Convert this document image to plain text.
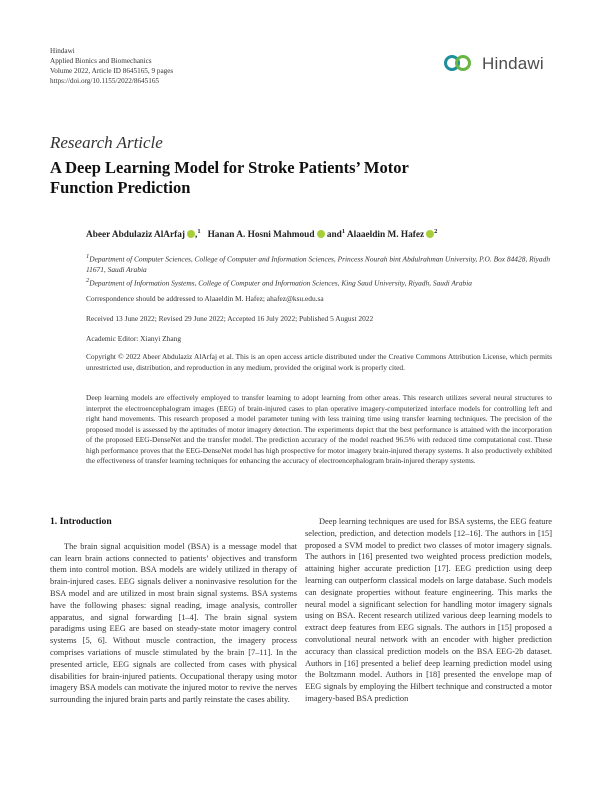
Hindawi
Applied Bionics and Biomechanics
Volume 2022, Article ID 8645165, 9 pages
https://doi.org/10.1155/2022/8645165
Hindawi
Research Article
A Deep Learning Model for Stroke Patients’ Motor Function Prediction
Abeer Abdulaziz AlArfaj ,$^1$ Hanan A. Hosni Mahmoud and$^1$ Alaaeldin M. Hafez $^2$
1Department of Computer Sciences, College of Computer and Information Sciences, Princess Nourah bint Abdulrahman University, P.O. Box 84428, Riyadh 11671, Saudi Arabia
2Department of Information Systems, College of Computer and Information Sciences, King Saud University, Riyadh, Saudi Arabia
Correspondence should be addressed to Alaaeldin M. Hafez; ahafez@ksu.edu.sa
Received 13 June 2022; Revised 29 June 2022; Accepted 16 July 2022; Published 5 August 2022
Academic Editor: Xianyi Zhang
Copyright © 2022 Abeer Abdulaziz AlArfaj et al. This is an open access article distributed under the Creative Commons Attribution License, which permits unrestricted use, distribution, and reproduction in any medium, provided the original work is properly cited.
Deep learning models are effectively employed to transfer learning to adopt learning from other areas. This research utilizes several neural structures to interpret the electroencephalogram images (EEG) of brain-injured cases to plan operative imagery-computerized interface models for controlling left and right hand movements. This research proposed a model parameter tuning with less training time using transfer learning techniques. The precision of the proposed model is assessed by the aptitudes of motor imagery detection. The experiments depict that the best performance is attained with the incorporation of the proposed EEG-DenseNet and the transfer model. The prediction accuracy of the model reached 96.5% with reduced time computational cost. These high performance proves that the EEG-DenseNet model has high prospective for motor imagery brain-injured therapy systems. It also productively exhibited the effectiveness of transfer learning techniques for enhancing the accuracy of electroencephalogram brain-injured therapy systems.
1. Introduction

The brain signal acquisition model (BSA) is a message model that can learn brain actions connected to patients’ objectives and transform them into control motion. BSA models are widely utilized in therapy of brain-injured cases. EEG signals deliver a noninvasive resolution for the BSA model and are utilized in most brain signal systems. BSA systems have the following phases: signal reading, image analysis, controller apparatus, and signal forwarding [1–4]. The brain signal system paradigms using EEG are based on steady-state motor imagery control systems [5, 6]. Without muscle contraction, the imagery process comprises variations of muscle stimulated by the brain [7–11]. In the presented article, EEG signals are collected from cases with physical disabilities for brain-injured patients. Occupational therapy using motor imagery BSA models can motivate the injured motor to revive the nerves surrounding the injured brain parts and partly reinstate the cases ability.

Deep learning techniques are used for BSA systems, the EEG feature selection, prediction, and detection models [12–16]. The authors in [15] proposed a SVM model to predict two classes of motor imagery signals. The authors in [16] presented two weighted process prediction models, attaining higher accurate prediction [17]. EEG prediction using deep learning can outperform classical models on large database. Such models can designate properties without feature engineering. This marks the neural model a significant selection for handling motor imagery signals using on BSA. Recent research utilized various deep learning models to extract deep features from EEG signals. The authors in [15] proposed a convolutional neural network with an encoder with higher prediction accuracy than classical prediction models on the BSA EEG-2b dataset. Authors in [16] presented a belief deep learning prediction model using the Boltzmann model. Authors in [18] presented the envelope map of EEG signals by employing the Hilbert technique and constructed a motor imagery-based BSA prediction
